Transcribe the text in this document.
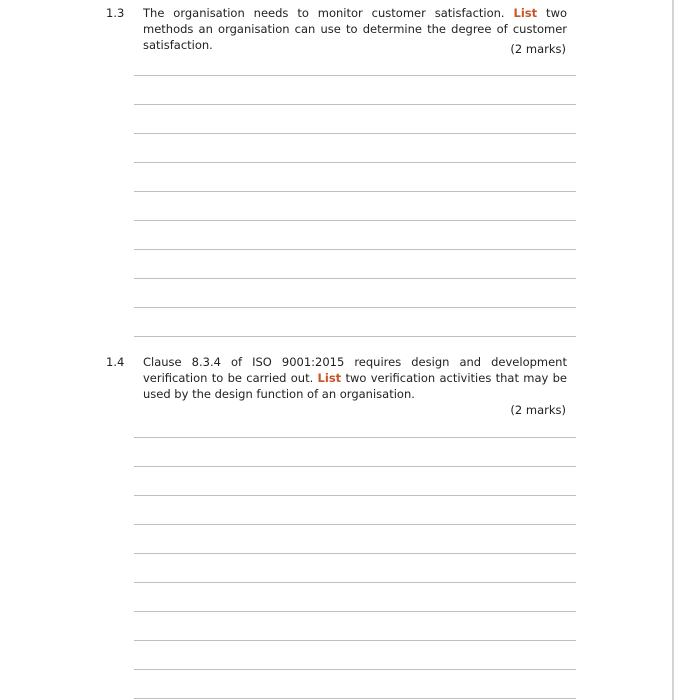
1.3 The organisation needs to monitor customer satisfaction. List two methods an organisation can use to determine the degree of customer satisfaction.	(2 marks)
1.4 Clause 8.3.4 of ISO 9001:2015 requires design and development verification to be carried out. List two verification activities that may be used by the design function of an organisation.
(2 marks)
